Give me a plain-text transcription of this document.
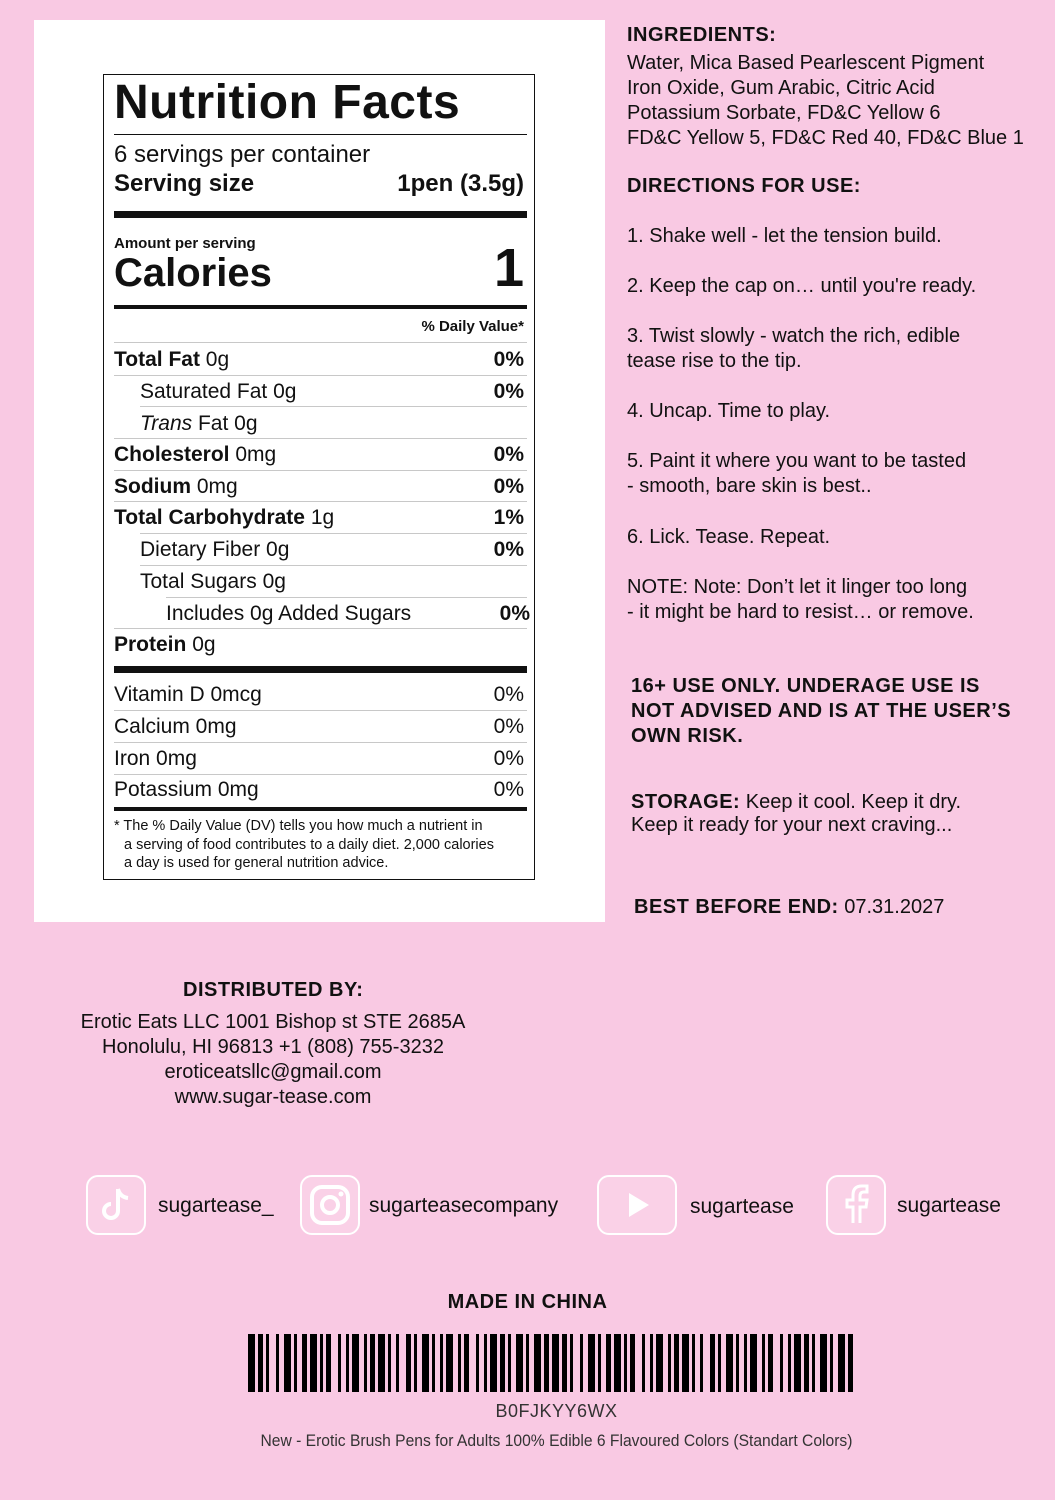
Nutrition Facts
6 servings per container
Serving size	1pen (3.5g)
Amount per serving
Calories	1
% Daily Value*
Total Fat 0g	0%
Saturated Fat 0g	0%
Trans Fat 0g
Cholesterol 0mg	0%
Sodium 0mg	0%
Total Carbohydrate 1g	1%
Dietary Fiber 0g	0%
Total Sugars 0g
Includes 0g Added Sugars	0%
Protein 0g
Vitamin D 0mcg	0%
Calcium 0mg	0%
Iron 0mg	0%
Potassium 0mg	0%
* The % Daily Value (DV) tells you how much a nutrient in
a serving of food contributes to a daily diet. 2,000 calories
a day is used for general nutrition advice.
INGREDIENTS:
Water, Mica Based Pearlescent Pigment
Iron Oxide, Gum Arabic, Citric Acid
Potassium Sorbate, FD&C Yellow 6
FD&C Yellow 5, FD&C Red 40, FD&C Blue 1
DIRECTIONS FOR USE:
1. Shake well - let the tension build.
2. Keep the cap on… until you're ready.
3. Twist slowly - watch the rich, edible
tease rise to the tip.
4. Uncap. Time to play.
5. Paint it where you want to be tasted
- smooth, bare skin is best..
6. Lick. Tease. Repeat.
NOTE: Note: Don’t let it linger too long
- it might be hard to resist… or remove.
16+ USE ONLY. UNDERAGE USE IS
NOT ADVISED AND IS AT THE USER’S
OWN RISK.
STORAGE: Keep it cool. Keep it dry.
Keep it ready for your next craving...
BEST BEFORE END: 07.31.2027
DISTRIBUTED BY:
Erotic Eats LLC 1001 Bishop st STE 2685A
Honolulu, HI 96813 +1 (808) 755-3232
eroticeatsllc@gmail.com
www.sugar-tease.com
sugartease_	sugarteasecompany	sugartease	sugartease
MADE IN CHINA
B0FJKYY6WX
New - Erotic Brush Pens for Adults 100% Edible 6 Flavoured Colors (Standart Colors)
